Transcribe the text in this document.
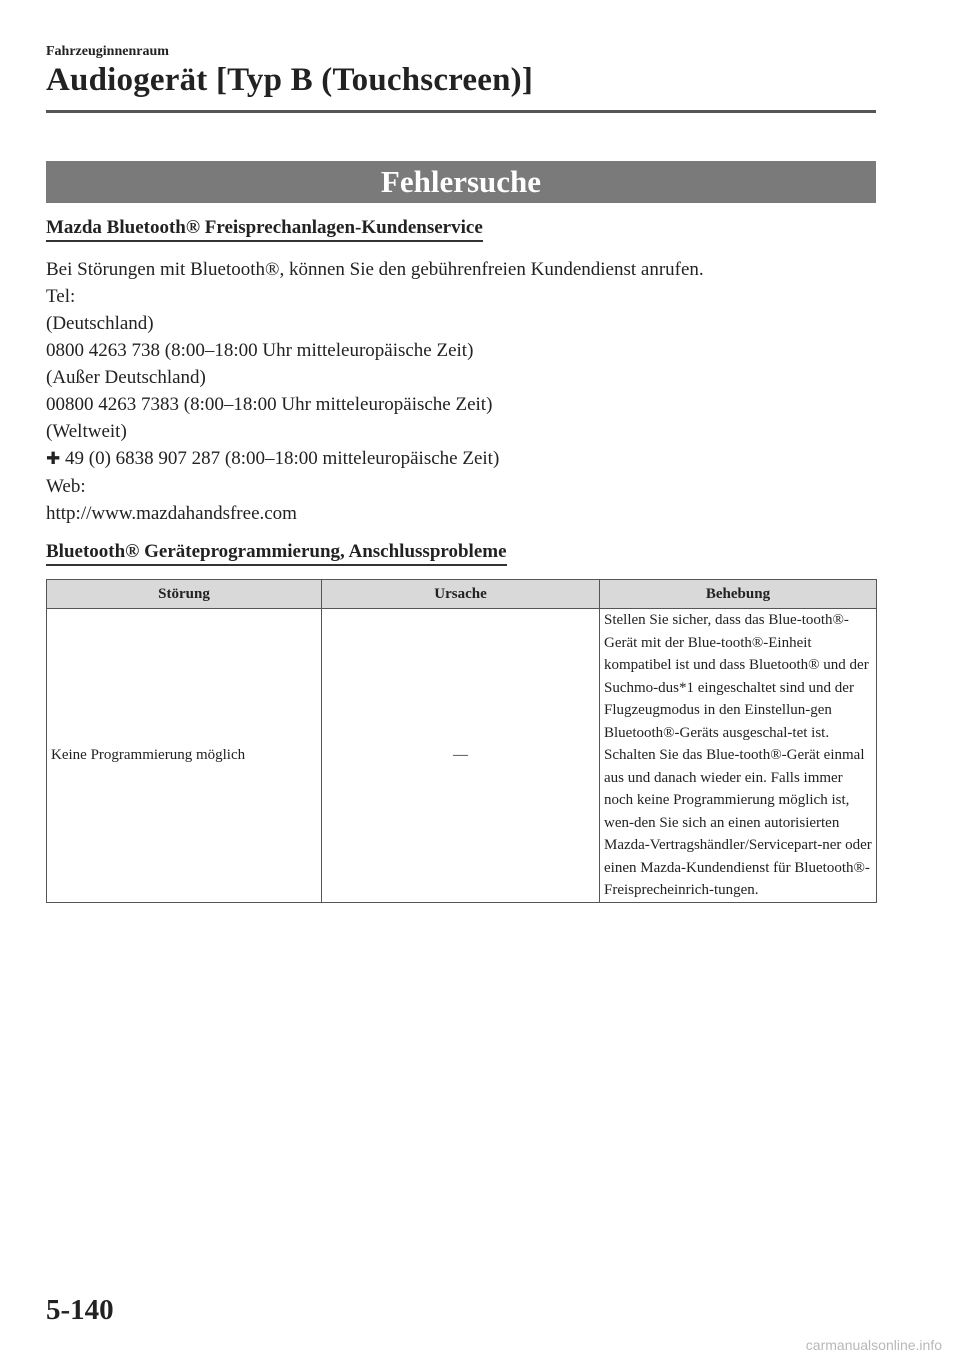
Fahrzeuginnenraum
Audiogerät [Typ B (Touchscreen)]
Fehlersuche
Mazda Bluetooth® Freisprechanlagen-Kundenservice

Bei Störungen mit Bluetooth®, können Sie den gebührenfreien Kundendienst anrufen.

Tel:

(Deutschland)

0800 4263 738 (8:00–18:00 Uhr mitteleuropäische Zeit)

(Außer Deutschland)

00800 4263 7383 (8:00–18:00 Uhr mitteleuropäische Zeit)

(Weltweit)

✚ 49 (0) 6838 907 287 (8:00–18:00 mitteleuropäische Zeit)

Web:

http://www.mazdahandsfree.com

Bluetooth® Geräteprogrammierung, Anschlussprobleme
Störung	Ursache	Behebung
Keine Programmierung möglich	—	Stellen Sie sicher, dass das Blue-tooth®-Gerät mit der Blue-tooth®-Einheit kompatibel ist und dass Bluetooth® und der Suchmo-dus*1 eingeschaltet sind und der Flugzeugmodus in den Einstellun-gen Bluetooth®-Geräts ausgeschal-tet ist. Schalten Sie das Blue-tooth®-Gerät einmal aus und danach wieder ein. Falls immer noch keine Programmierung möglich ist, wen-den Sie sich an einen autorisierten Mazda-Vertragshändler/Servicepart-ner oder einen Mazda-Kundendienst für Bluetooth®-Freisprecheinrich-tungen.
5-140
carmanualsonline.info
